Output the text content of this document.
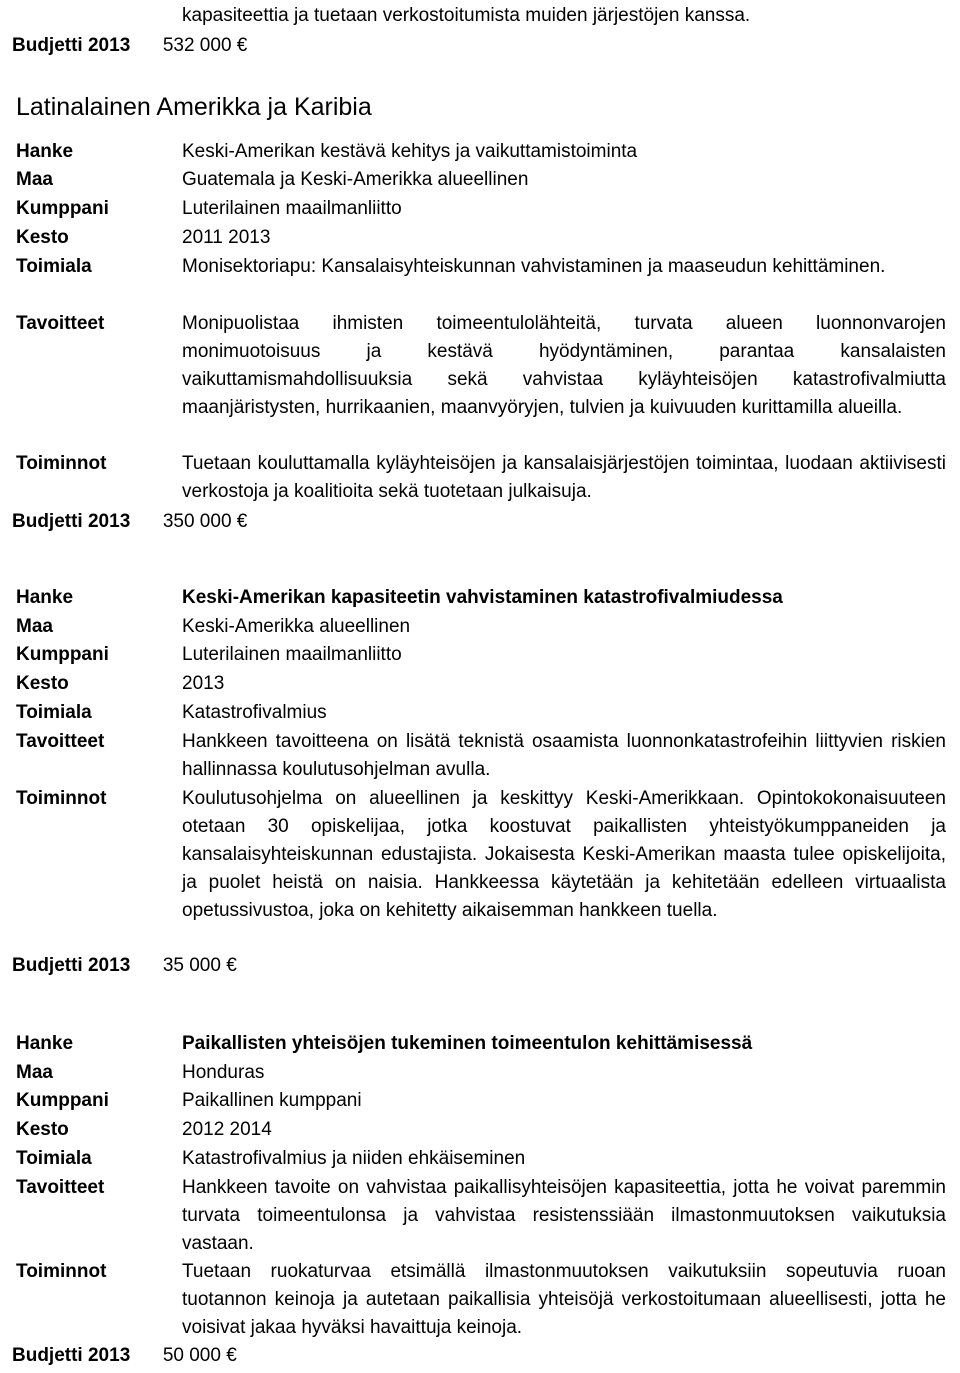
kapasiteettia ja tuetaan verkostoitumista muiden järjestöjen kanssa.
Budjetti 2013 532 000 €
Latinalainen Amerikka ja Karibia
Hanke	Keski-Amerikan kestävä kehitys ja vaikuttamistoiminta
Maa	Guatemala ja Keski-Amerikka alueellinen
Kumppani	Luterilainen maailmanliitto
Kesto	2011 2013
Toimiala	Monisektoriapu: Kansalaisyhteiskunnan vahvistaminen ja maaseudun kehittäminen.
Tavoitteet	Monipuolistaa ihmisten toimeentulolähteitä, turvata alueen luonnonvarojen monimuotoisuus ja kestävä hyödyntäminen, parantaa kansalaisten vaikuttamismahdollisuuksia sekä vahvistaa kyläyhteisöjen katastrofivalmiutta maanjäristysten, hurrikaanien, maanvyöryjen, tulvien ja kuivuuden kurittamilla alueilla.
Toiminnot	Tuetaan kouluttamalla kyläyhteisöjen ja kansalaisjärjestöjen toimintaa, luodaan aktiivisesti verkostoja ja koalitioita sekä tuotetaan julkaisuja.
Budjetti 2013 350 000 €
Hanke	Keski-Amerikan kapasiteetin vahvistaminen katastrofivalmiudessa
Maa	Keski-Amerikka alueellinen
Kumppani	Luterilainen maailmanliitto
Kesto	2013
Toimiala	Katastrofivalmius
Tavoitteet	Hankkeen tavoitteena on lisätä teknistä osaamista luonnonkatastrofeihin liittyvien riskien hallinnassa koulutusohjelman avulla.
Toiminnot	Koulutusohjelma on alueellinen ja keskittyy Keski-Amerikkaan. Opintokokonaisuuteen otetaan 30 opiskelijaa, jotka koostuvat paikallisten yhteistyökumppaneiden ja kansalaisyhteiskunnan edustajista. Jokaisesta Keski-Amerikan maasta tulee opiskelijoita, ja puolet heistä on naisia. Hankkeessa käytetään ja kehitetään edelleen virtuaalista opetussivustoa, joka on kehitetty aikaisemman hankkeen tuella.
Budjetti 2013 35 000 €
Hanke	Paikallisten yhteisöjen tukeminen toimeentulon kehittämisessä
Maa	Honduras
Kumppani	Paikallinen kumppani
Kesto	2012 2014
Toimiala	Katastrofivalmius ja niiden ehkäiseminen
Tavoitteet	Hankkeen tavoite on vahvistaa paikallisyhteisöjen kapasiteettia, jotta he voivat paremmin turvata toimeentulonsa ja vahvistaa resistenssiään ilmastonmuutoksen vaikutuksia vastaan.
Toiminnot	Tuetaan ruokaturvaa etsimällä ilmastonmuutoksen vaikutuksiin sopeutuvia ruoan tuotannon keinoja ja autetaan paikallisia yhteisöjä verkostoitumaan alueellisesti, jotta he voisivat jakaa hyväksi havaittuja keinoja.
Budjetti 2013 50 000 €
